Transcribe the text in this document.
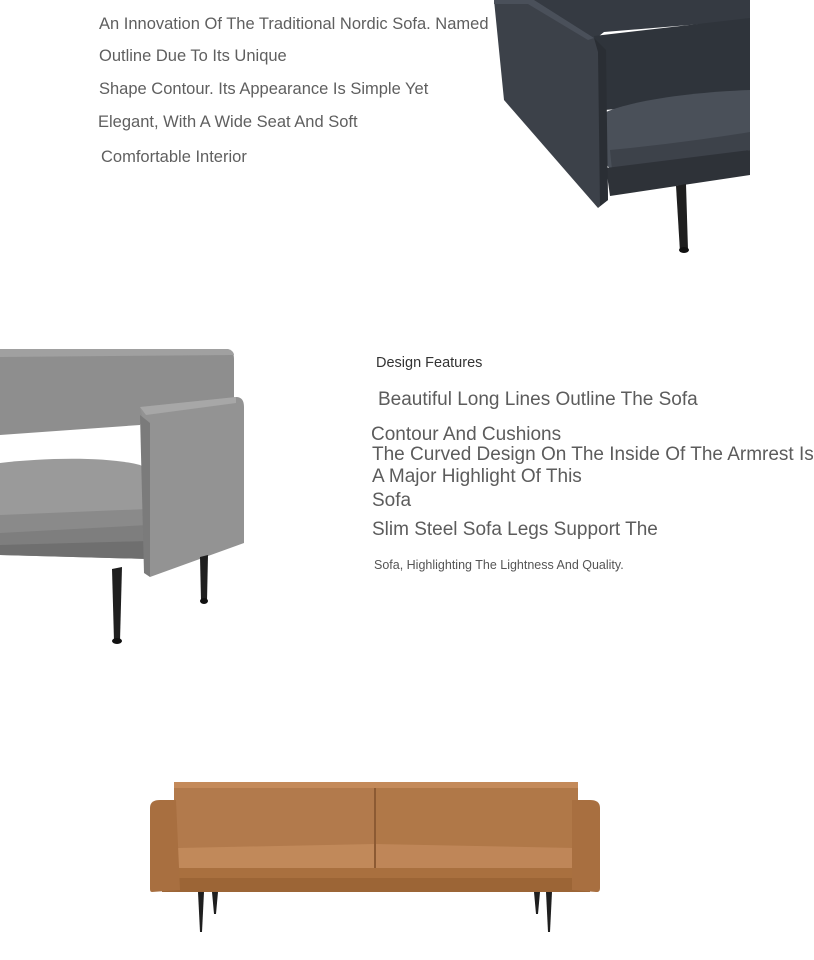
An Innovation Of The Traditional Nordic Sofa. Named

Outline Due To Its Unique

Shape Contour. Its Appearance Is Simple Yet

Elegant, With A Wide Seat And Soft

Comfortable Interior

Design Features

Beautiful Long Lines Outline The Sofa

Contour And Cushions

The Curved Design On The Inside Of The Armrest Is

A Major Highlight Of This

Sofa

Slim Steel Sofa Legs Support The

Sofa, Highlighting The Lightness And Quality.
